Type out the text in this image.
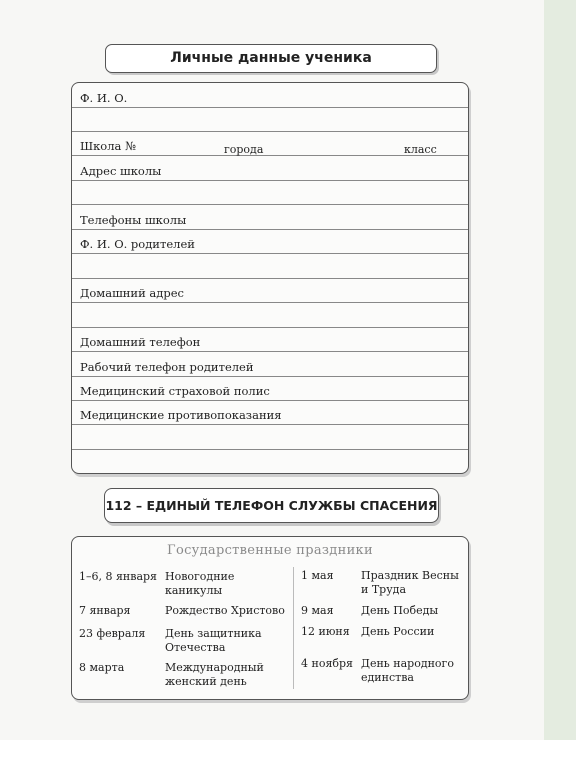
Личные данные ученика
Ф. И. О.
Школа №	города	класс
Адрес школы
Телефоны школы
Ф. И. О. родителей
Домашний адрес
Домашний телефон
Рабочий телефон родителей
Медицинский страховой полис
Медицинские противопоказания
112 – ЕДИНЫЙ ТЕЛЕФОН СЛУЖБЫ СПАСЕНИЯ
Государственные праздники
1–6, 8 января Новогодние
каникулы
7 января	Рождество Христово
23 февраля День защитника
Отечества
8 марта	Международный
женский день
1 мая Праздник Весны
и Труда
9 мая День Победы
12 июня День России
4 ноября День народного
единства
